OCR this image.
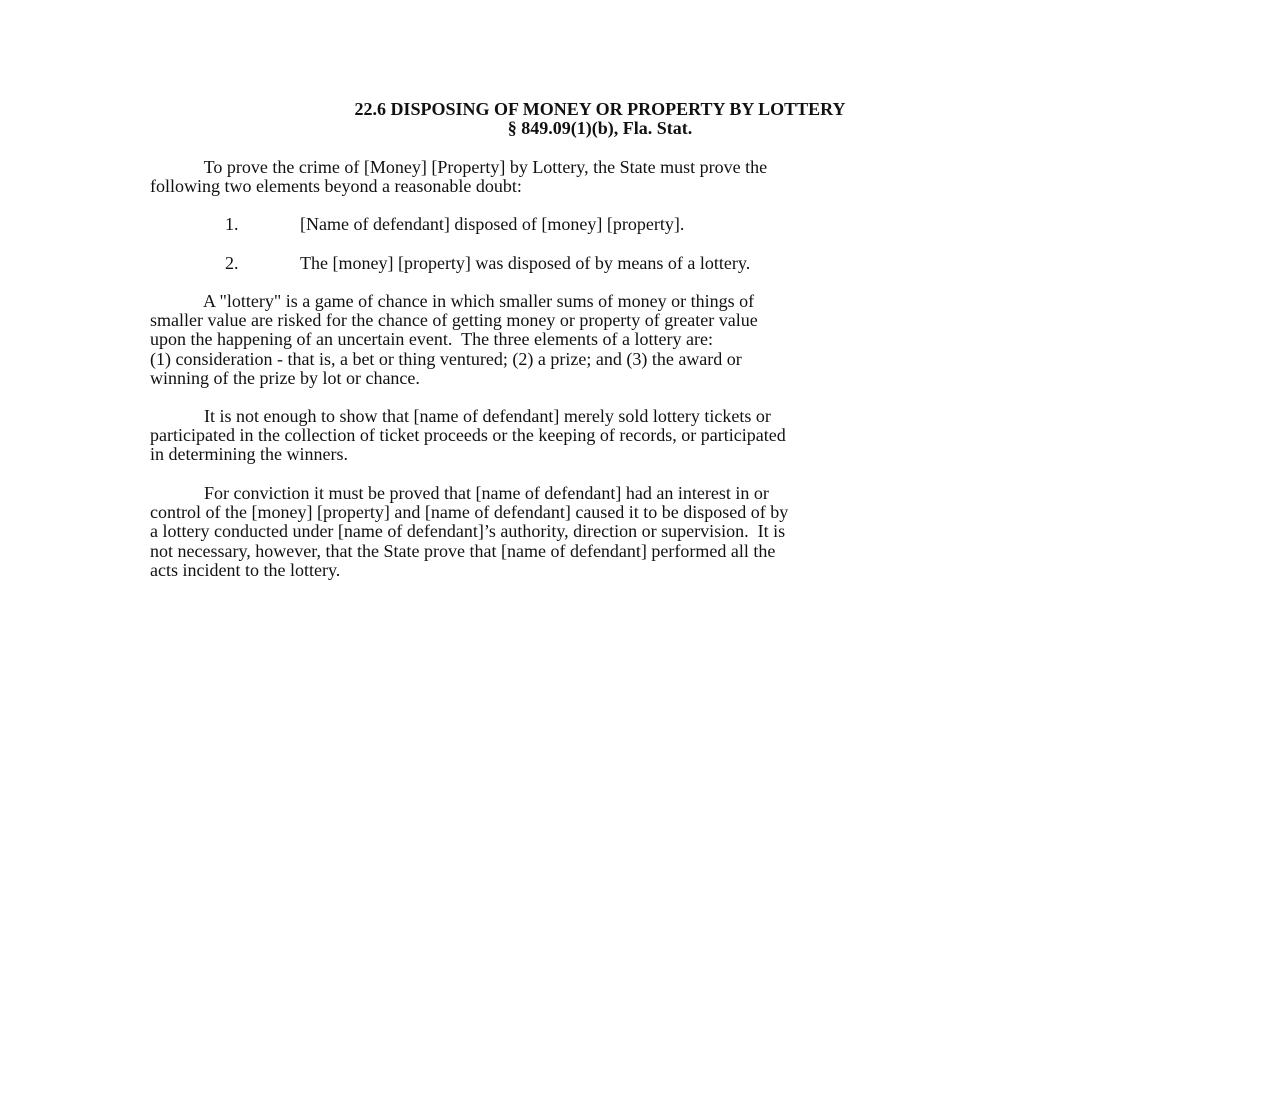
22.6 DISPOSING OF MONEY OR PROPERTY BY LOTTERY
§ 849.09(1)(b), Fla. Stat.
To prove the crime of [Money] [Property] by Lottery, the State must prove the
following two elements beyond a reasonable doubt:
1.	[Name of defendant] disposed of [money] [property].
2.	The [money] [property] was disposed of by means of a lottery.
A "lottery" is a game of chance in which smaller sums of money or things of
smaller value are risked for the chance of getting money or property of greater value
upon the happening of an uncertain event.  The three elements of a lottery are:
(1) consideration - that is, a bet or thing ventured; (2) a prize; and (3) the award or
winning of the prize by lot or chance.
It is not enough to show that [name of defendant] merely sold lottery tickets or
participated in the collection of ticket proceeds or the keeping of records, or participated
in determining the winners.
For conviction it must be proved that [name of defendant] had an interest in or
control of the [money] [property] and [name of defendant] caused it to be disposed of by
a lottery conducted under [name of defendant]’s authority, direction or supervision.  It is
not necessary, however, that the State prove that [name of defendant] performed all the
acts incident to the lottery.
